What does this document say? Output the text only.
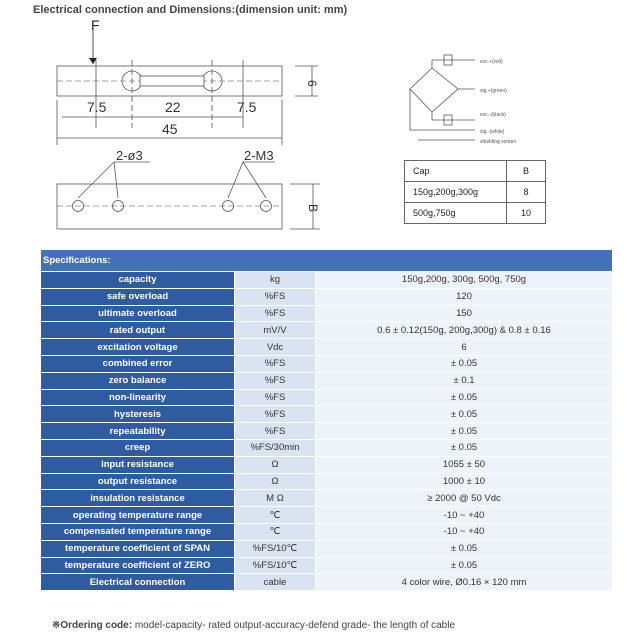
Electrical connection and Dimensions:(dimension unit: mm)
F
7.5	22	7.5
45
6
2-ø3	2-M3
B
exc.+(red)
sig.+(green)
exc.-(black)
sig.-(white)
shielding screen
Cap	B
150g,200g,300g	8
500g,750g	10
Specifications:		
capacity	kg	150g,200g, 300g, 500g, 750g
safe overload	%FS	120
ultimate overload	%FS	150
rated output	mV/V	0.6 ± 0.12(150g, 200g,300g) & 0.8 ± 0.16
excitation voltage	Vdc	6
combined error	%FS	± 0.05
zero balance	%FS	± 0.1
non-linearity	%FS	± 0.05
hysteresis	%FS	± 0.05
repeatability	%FS	± 0.05
creep	%FS/30min	± 0.05
input resistance	Ω	1055 ± 50
output resistance	Ω	1000 ± 10
insulation resistance	M Ω	≥ 2000 @ 50 Vdc
operating temperature range	℃	-10 ~ +40
compensated temperature range	℃	-10 ~ +40
temperature coefficient of SPAN	%FS/10℃	± 0.05
temperature coefficient of ZERO	%FS/10℃	± 0.05
Electrical connection	cable	4 color wire, Ø0.16 × 120 mm
※Ordering code: model-capacity- rated output-accuracy-defend grade- the length of cable
